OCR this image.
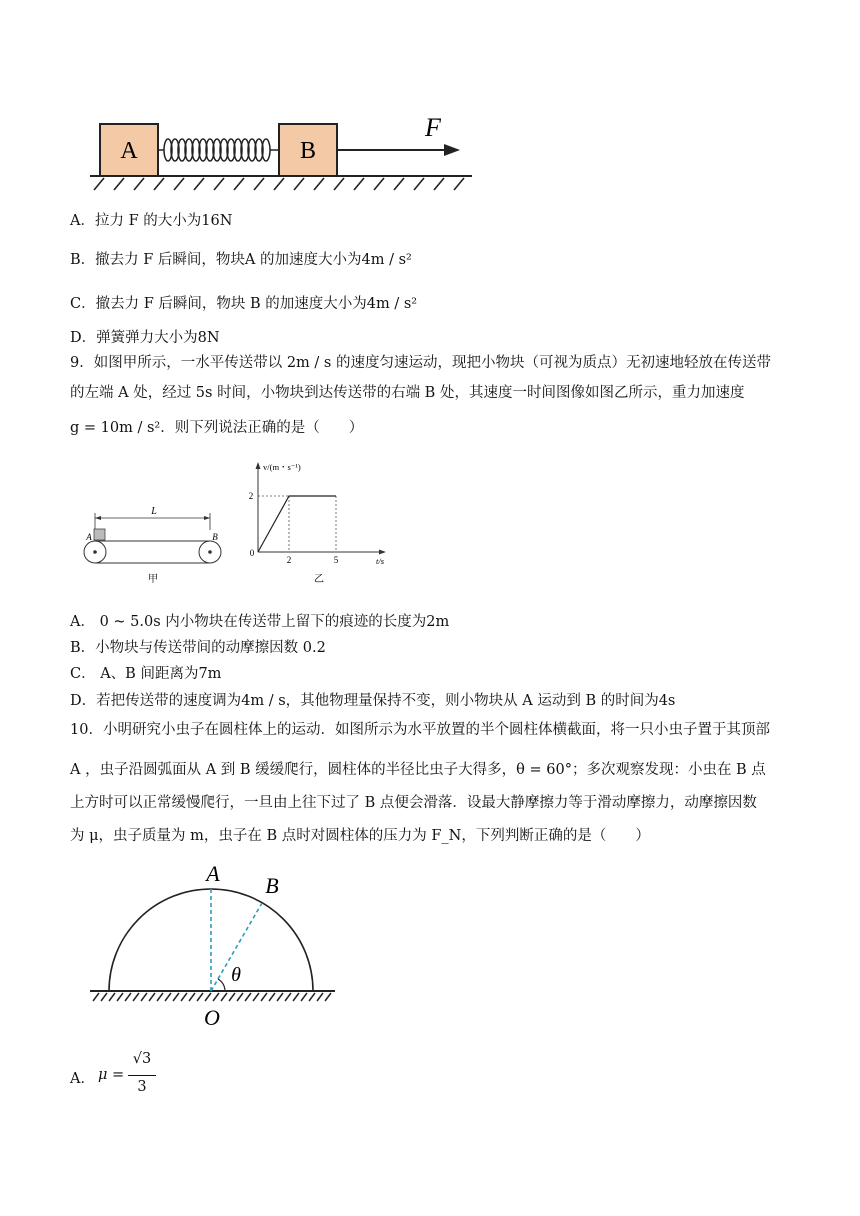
A	B
F
A．拉力 F 的大小为16N
B．撤去力 F 后瞬间，物块A 的加速度大小为4m / s²
C．撤去力 F 后瞬间，物块 B 的加速度大小为4m / s²
D．弹簧弹力大小为8N
9．如图甲所示，一水平传送带以 2m / s 的速度匀速运动，现把小物块（可视为质点）无初速地轻放在传送带
的左端 A 处，经过 5s 时间，小物块到达传送带的右端 B 处，其速度一时间图像如图乙所示，重力加速度
g = 10m / s²．则下列说法正确的是（　　）
L
A	B
甲
v/(m・s⁻¹)
t/s
2
0
2	5
乙
A． 0 ~ 5.0s 内小物块在传送带上留下的痕迹的长度为2m
B．小物块与传送带间的动摩擦因数 0.2
C． A、B 间距离为7m
D．若把传送带的速度调为4m / s，其他物理量保持不变，则小物块从 A 运动到 B 的时间为4s
10．小明研究小虫子在圆柱体上的运动．如图所示为水平放置的半个圆柱体横截面，将一只小虫子置于其顶部
A ，虫子沿圆弧面从 A 到 B 缓缓爬行，圆柱体的半径比虫子大得多，θ = 60°；多次观察发现：小虫在 B 点
上方时可以正常缓慢爬行，一旦由上往下过了 B 点便会滑落．设最大静摩擦力等于滑动摩擦力，动摩擦因数
为 μ，虫子质量为 m，虫子在 B 点时对圆柱体的压力为 F_N，下列判断正确的是（　　）
A B
O
θ
A． μ =
√3
3
